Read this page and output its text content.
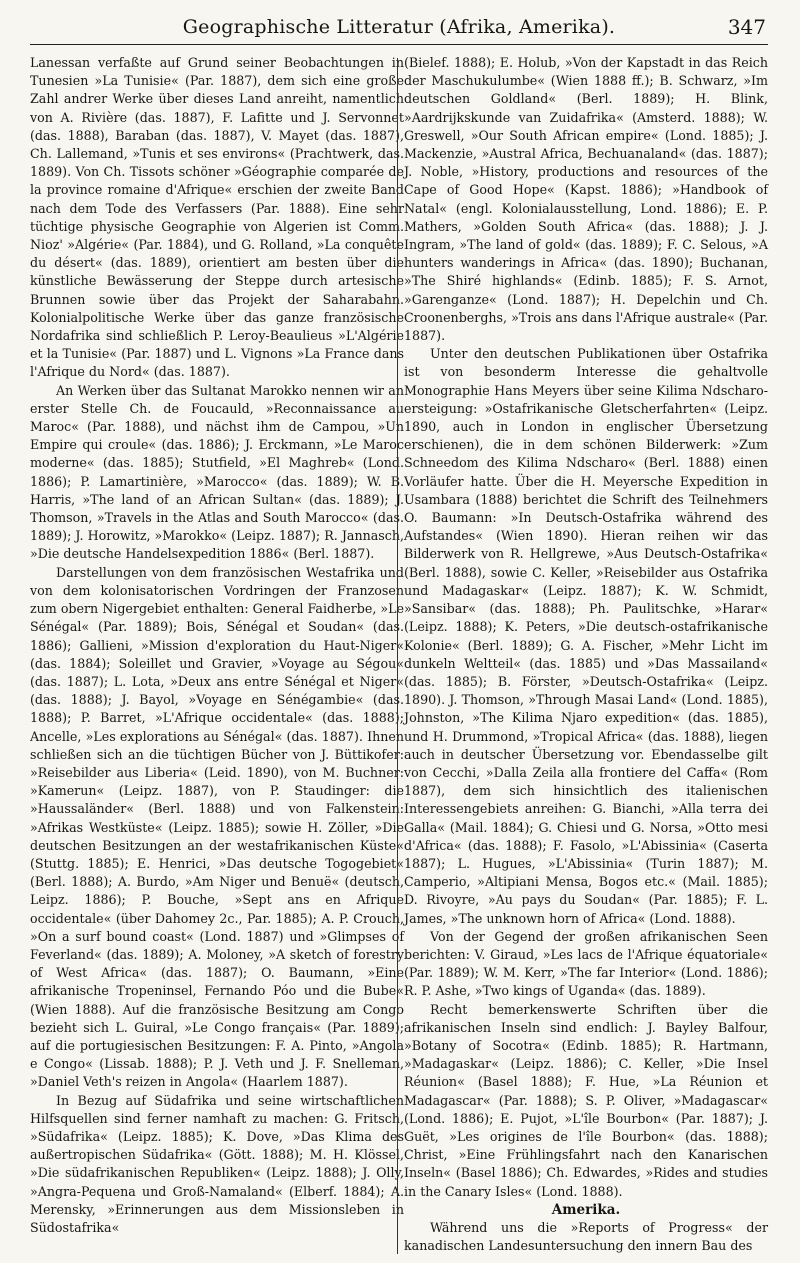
Geographische Litteratur (Afrika, Amerika).	347

Lanessan verfaßte auf Grund seiner Beobachtungen in Tunesien »La Tunisie« (Par. 1887), dem sich eine große Zahl andrer Werke über dieses Land anreiht, namentlich von A. Rivière (das. 1887), F. Lafitte und J. Servonnet (das. 1888), Baraban (das. 1887), V. Mayet (das. 1887), Ch. Lallemand, »Tunis et ses environs« (Prachtwerk, das. 1889). Von Ch. Tissots schöner »Géographie comparée de la province romaine d'Afrique« erschien der zweite Band nach dem Tode des Verfassers (Par. 1888). Eine sehr tüchtige physische Geographie von Algerien ist Comm. Nioz' »Algérie« (Par. 1884), und G. Rolland, »La conquête du désert« (das. 1889), orientiert am besten über die künstliche Bewässerung der Steppe durch artesische Brunnen sowie über das Projekt der Saharabahn. Kolonialpolitische Werke über das ganze französische Nordafrika sind schließlich P. Leroy-Beaulieus »L'Algérie et la Tunisie« (Par. 1887) und L. Vignons »La France dans l'Afrique du Nord« (das. 1887).

An Werken über das Sultanat Marokko nennen wir an erster Stelle Ch. de Foucauld, »Reconnaissance au Maroc« (Par. 1888), und nächst ihm de Campou, »Un Empire qui croule« (das. 1886); J. Erckmann, »Le Maroc moderne« (das. 1885); Stutfield, »El Maghreb« (Lond. 1886); P. Lamartinière, »Marocco« (das. 1889); W. B. Harris, »The land of an African Sultan« (das. 1889); J. Thomson, »Travels in the Atlas and South Marocco« (das. 1889); J. Horowitz, »Marokko« (Leipz. 1887); R. Jannasch, »Die deutsche Handelsexpedition 1886« (Berl. 1887).

Darstellungen von dem französischen Westafrika und von dem kolonisatorischen Vordringen der Franzosen zum obern Nigergebiet enthalten: General Faidherbe, »Le Sénégal« (Par. 1889); Bois, Sénégal et Soudan« (das. 1886); Gallieni, »Mission d'exploration du Haut-Niger« (das. 1884); Soleillet und Gravier, »Voyage au Ségou« (das. 1887); L. Lota, »Deux ans entre Sénégal et Niger« (das. 1888); J. Bayol, »Voyage en Sénégambie« (das. 1888); P. Barret, »L'Afrique occidentale« (das. 1888); Ancelle, »Les explorations au Sénégal« (das. 1887). Ihnen schließen sich an die tüchtigen Bücher von J. Büttikofer: »Reisebilder aus Liberia« (Leid. 1890), von M. Buchner: »Kamerun« (Leipz. 1887), von P. Staudinger: die »Haussaländer« (Berl. 1888) und von Falkenstein: »Afrikas Westküste« (Leipz. 1885); sowie H. Zöller, »Die deutschen Besitzungen an der westafrikanischen Küste« (Stuttg. 1885); E. Henrici, »Das deutsche Togogebiet« (Berl. 1888); A. Burdo, »Am Niger und Benuë« (deutsch, Leipz. 1886); P. Bouche, »Sept ans en Afrique occidentale« (über Dahomey 2c., Par. 1885); A. P. Crouch, »On a surf bound coast« (Lond. 1887) und »Glimpses of Feverland« (das. 1889); A. Moloney, »A sketch of forestry of West Africa« (das. 1887); O. Baumann, »Eine afrikanische Tropeninsel, Fernando Póo und die Bube« (Wien 1888). Auf die französische Besitzung am Congo bezieht sich L. Guiral, »Le Congo français« (Par. 1889); auf die portugiesischen Besitzungen: F. A. Pinto, »Angola e Congo« (Lissab. 1888); P. J. Veth und J. F. Snelleman, »Daniel Veth's reizen in Angola« (Haarlem 1887).

In Bezug auf Südafrika und seine wirtschaftlichen Hilfsquellen sind ferner namhaft zu machen: G. Fritsch, »Südafrika« (Leipz. 1885); K. Dove, »Das Klima des außertropischen Südafrika« (Gött. 1888); M. H. Klössel, »Die südafrikanischen Republiken« (Leipz. 1888); J. Olly, »Angra-Pequena und Groß-Namaland« (Elberf. 1884); A. Merensky, »Erinnerungen aus dem Missionsleben in Südostafrika«

(Bielef. 1888); E. Holub, »Von der Kapstadt in das Reich der Maschukulumbe« (Wien 1888 ff.); B. Schwarz, »Im deutschen Goldland« (Berl. 1889); H. Blink, »Aardrijkskunde van Zuidafrika« (Amsterd. 1888); W. Greswell, »Our South African empire« (Lond. 1885); J. Mackenzie, »Austral Africa, Bechuanaland« (das. 1887); J. Noble, »History, productions and resources of the Cape of Good Hope« (Kapst. 1886); »Handbook of Natal« (engl. Kolonialausstellung, Lond. 1886); E. P. Mathers, »Golden South Africa« (das. 1888); J. J. Ingram, »The land of gold« (das. 1889); F. C. Selous, »A hunters wanderings in Africa« (das. 1890); Buchanan, »The Shiré highlands« (Edinb. 1885); F. S. Arnot, »Garenganze« (Lond. 1887); H. Depelchin und Ch. Croonenberghs, »Trois ans dans l'Afrique australe« (Par. 1887).

Unter den deutschen Publikationen über Ostafrika ist von besonderm Interesse die gehaltvolle Monographie Hans Meyers über seine Kilima Ndscharo-ersteigung: »Ostafrikanische Gletscherfahrten« (Leipz. 1890, auch in London in englischer Übersetzung erschienen), die in dem schönen Bilderwerk: »Zum Schneedom des Kilima Ndscharo« (Berl. 1888) einen Vorläufer hatte. Über die H. Meyersche Expedition in Usambara (1888) berichtet die Schrift des Teilnehmers O. Baumann: »In Deutsch-Ostafrika während des Aufstandes« (Wien 1890). Hieran reihen wir das Bilderwerk von R. Hellgrewe, »Aus Deutsch-Ostafrika« (Berl. 1888), sowie C. Keller, »Reisebilder aus Ostafrika und Madagaskar« (Leipz. 1887); K. W. Schmidt, »Sansibar« (das. 1888); Ph. Paulitschke, »Harar« (Leipz. 1888); K. Peters, »Die deutsch-ostafrikanische Kolonie« (Berl. 1889); G. A. Fischer, »Mehr Licht im dunkeln Weltteil« (das. 1885) und »Das Massailand« (das. 1885); B. Förster, »Deutsch-Ostafrika« (Leipz. 1890). J. Thomson, »Through Masai Land« (Lond. 1885), Johnston, »The Kilima Njaro expedition« (das. 1885), und H. Drummond, »Tropical Africa« (das. 1888), liegen auch in deutscher Übersetzung vor. Ebendasselbe gilt von Cecchi, »Dalla Zeila alla frontiere del Caffa« (Rom 1887), dem sich hinsichtlich des italienischen Interessengebiets anreihen: G. Bianchi, »Alla terra dei Galla« (Mail. 1884); G. Chiesi und G. Norsa, »Otto mesi d'Africa« (das. 1888); F. Fasolo, »L'Abissinia« (Caserta 1887); L. Hugues, »L'Abissinia« (Turin 1887); M. Camperio, »Altipiani Mensa, Bogos etc.« (Mail. 1885); D. Rivoyre, »Au pays du Soudan« (Par. 1885); F. L. James, »The unknown horn of Africa« (Lond. 1888).

Von der Gegend der großen afrikanischen Seen berichten: V. Giraud, »Les lacs de l'Afrique équatoriale« (Par. 1889); W. M. Kerr, »The far Interior« (Lond. 1886); R. P. Ashe, »Two kings of Uganda« (das. 1889).

Recht bemerkenswerte Schriften über die afrikanischen Inseln sind endlich: J. Bayley Balfour, »Botany of Socotra« (Edinb. 1885); R. Hartmann, »Madagaskar« (Leipz. 1886); C. Keller, »Die Insel Réunion« (Basel 1888); F. Hue, »La Réunion et Madagascar« (Par. 1888); S. P. Oliver, »Madagascar« (Lond. 1886); E. Pujot, »L'île Bourbon« (Par. 1887); J. Guët, »Les origines de l'île Bourbon« (das. 1888); Christ, »Eine Frühlingsfahrt nach den Kanarischen Inseln« (Basel 1886); Ch. Edwardes, »Rides and studies in the Canary Isles« (Lond. 1888).

Amerika.

Während uns die »Reports of Progress« der kanadischen Landesuntersuchung den innern Bau des
